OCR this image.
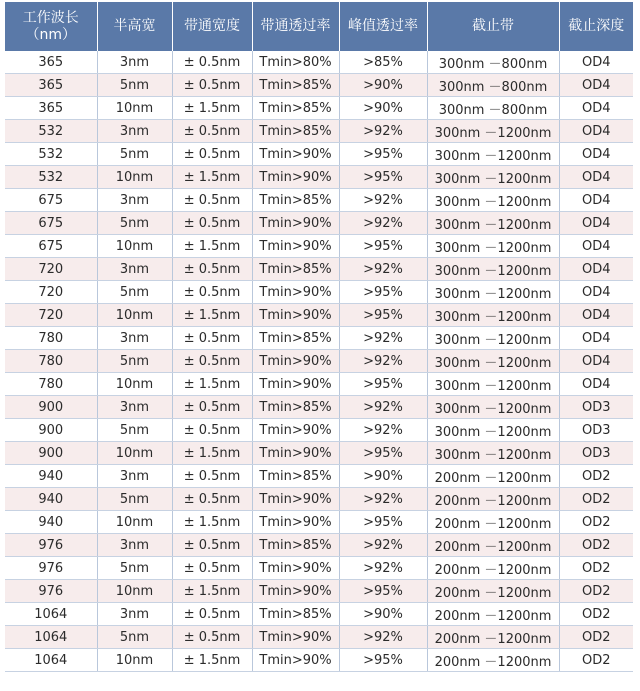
工作波长
（nm）	半高宽	带通宽度	带通透过率	峰值透过率	截止带	截止深度
365	3nm	± 0.5nm	Tmin>80%	>85%	300nm －800nm	OD4
365	5nm	± 0.5nm	Tmin>85%	>90%	300nm －800nm	OD4
365	10nm	± 1.5nm	Tmin>85%	>90%	300nm －800nm	OD4
532	3nm	± 0.5nm	Tmin>85%	>92%	300nm －1200nm	OD4
532	5nm	± 0.5nm	Tmin>90%	>95%	300nm －1200nm	OD4
532	10nm	± 1.5nm	Tmin>90%	>95%	300nm －1200nm	OD4
675	3nm	± 0.5nm	Tmin>85%	>92%	300nm －1200nm	OD4
675	5nm	± 0.5nm	Tmin>90%	>92%	300nm －1200nm	OD4
675	10nm	± 1.5nm	Tmin>90%	>95%	300nm －1200nm	OD4
720	3nm	± 0.5nm	Tmin>85%	>92%	300nm －1200nm	OD4
720	5nm	± 0.5nm	Tmin>90%	>95%	300nm －1200nm	OD4
720	10nm	± 1.5nm	Tmin>90%	>95%	300nm －1200nm	OD4
780	3nm	± 0.5nm	Tmin>85%	>92%	300nm －1200nm	OD4
780	5nm	± 0.5nm	Tmin>90%	>92%	300nm －1200nm	OD4
780	10nm	± 1.5nm	Tmin>90%	>95%	300nm －1200nm	OD4
900	3nm	± 0.5nm	Tmin>85%	>92%	300nm －1200nm	OD3
900	5nm	± 0.5nm	Tmin>90%	>92%	300nm －1200nm	OD3
900	10nm	± 1.5nm	Tmin>90%	>95%	300nm －1200nm	OD3
940	3nm	± 0.5nm	Tmin>85%	>90%	200nm －1200nm	OD2
940	5nm	± 0.5nm	Tmin>90%	>92%	200nm －1200nm	OD2
940	10nm	± 1.5nm	Tmin>90%	>95%	200nm －1200nm	OD2
976	3nm	± 0.5nm	Tmin>85%	>92%	200nm －1200nm	OD2
976	5nm	± 0.5nm	Tmin>90%	>92%	200nm －1200nm	OD2
976	10nm	± 1.5nm	Tmin>90%	>95%	200nm －1200nm	OD2
1064	3nm	± 0.5nm	Tmin>85%	>90%	200nm －1200nm	OD2
1064	5nm	± 0.5nm	Tmin>90%	>92%	200nm －1200nm	OD2
1064	10nm	± 1.5nm	Tmin>90%	>95%	200nm －1200nm	OD2
